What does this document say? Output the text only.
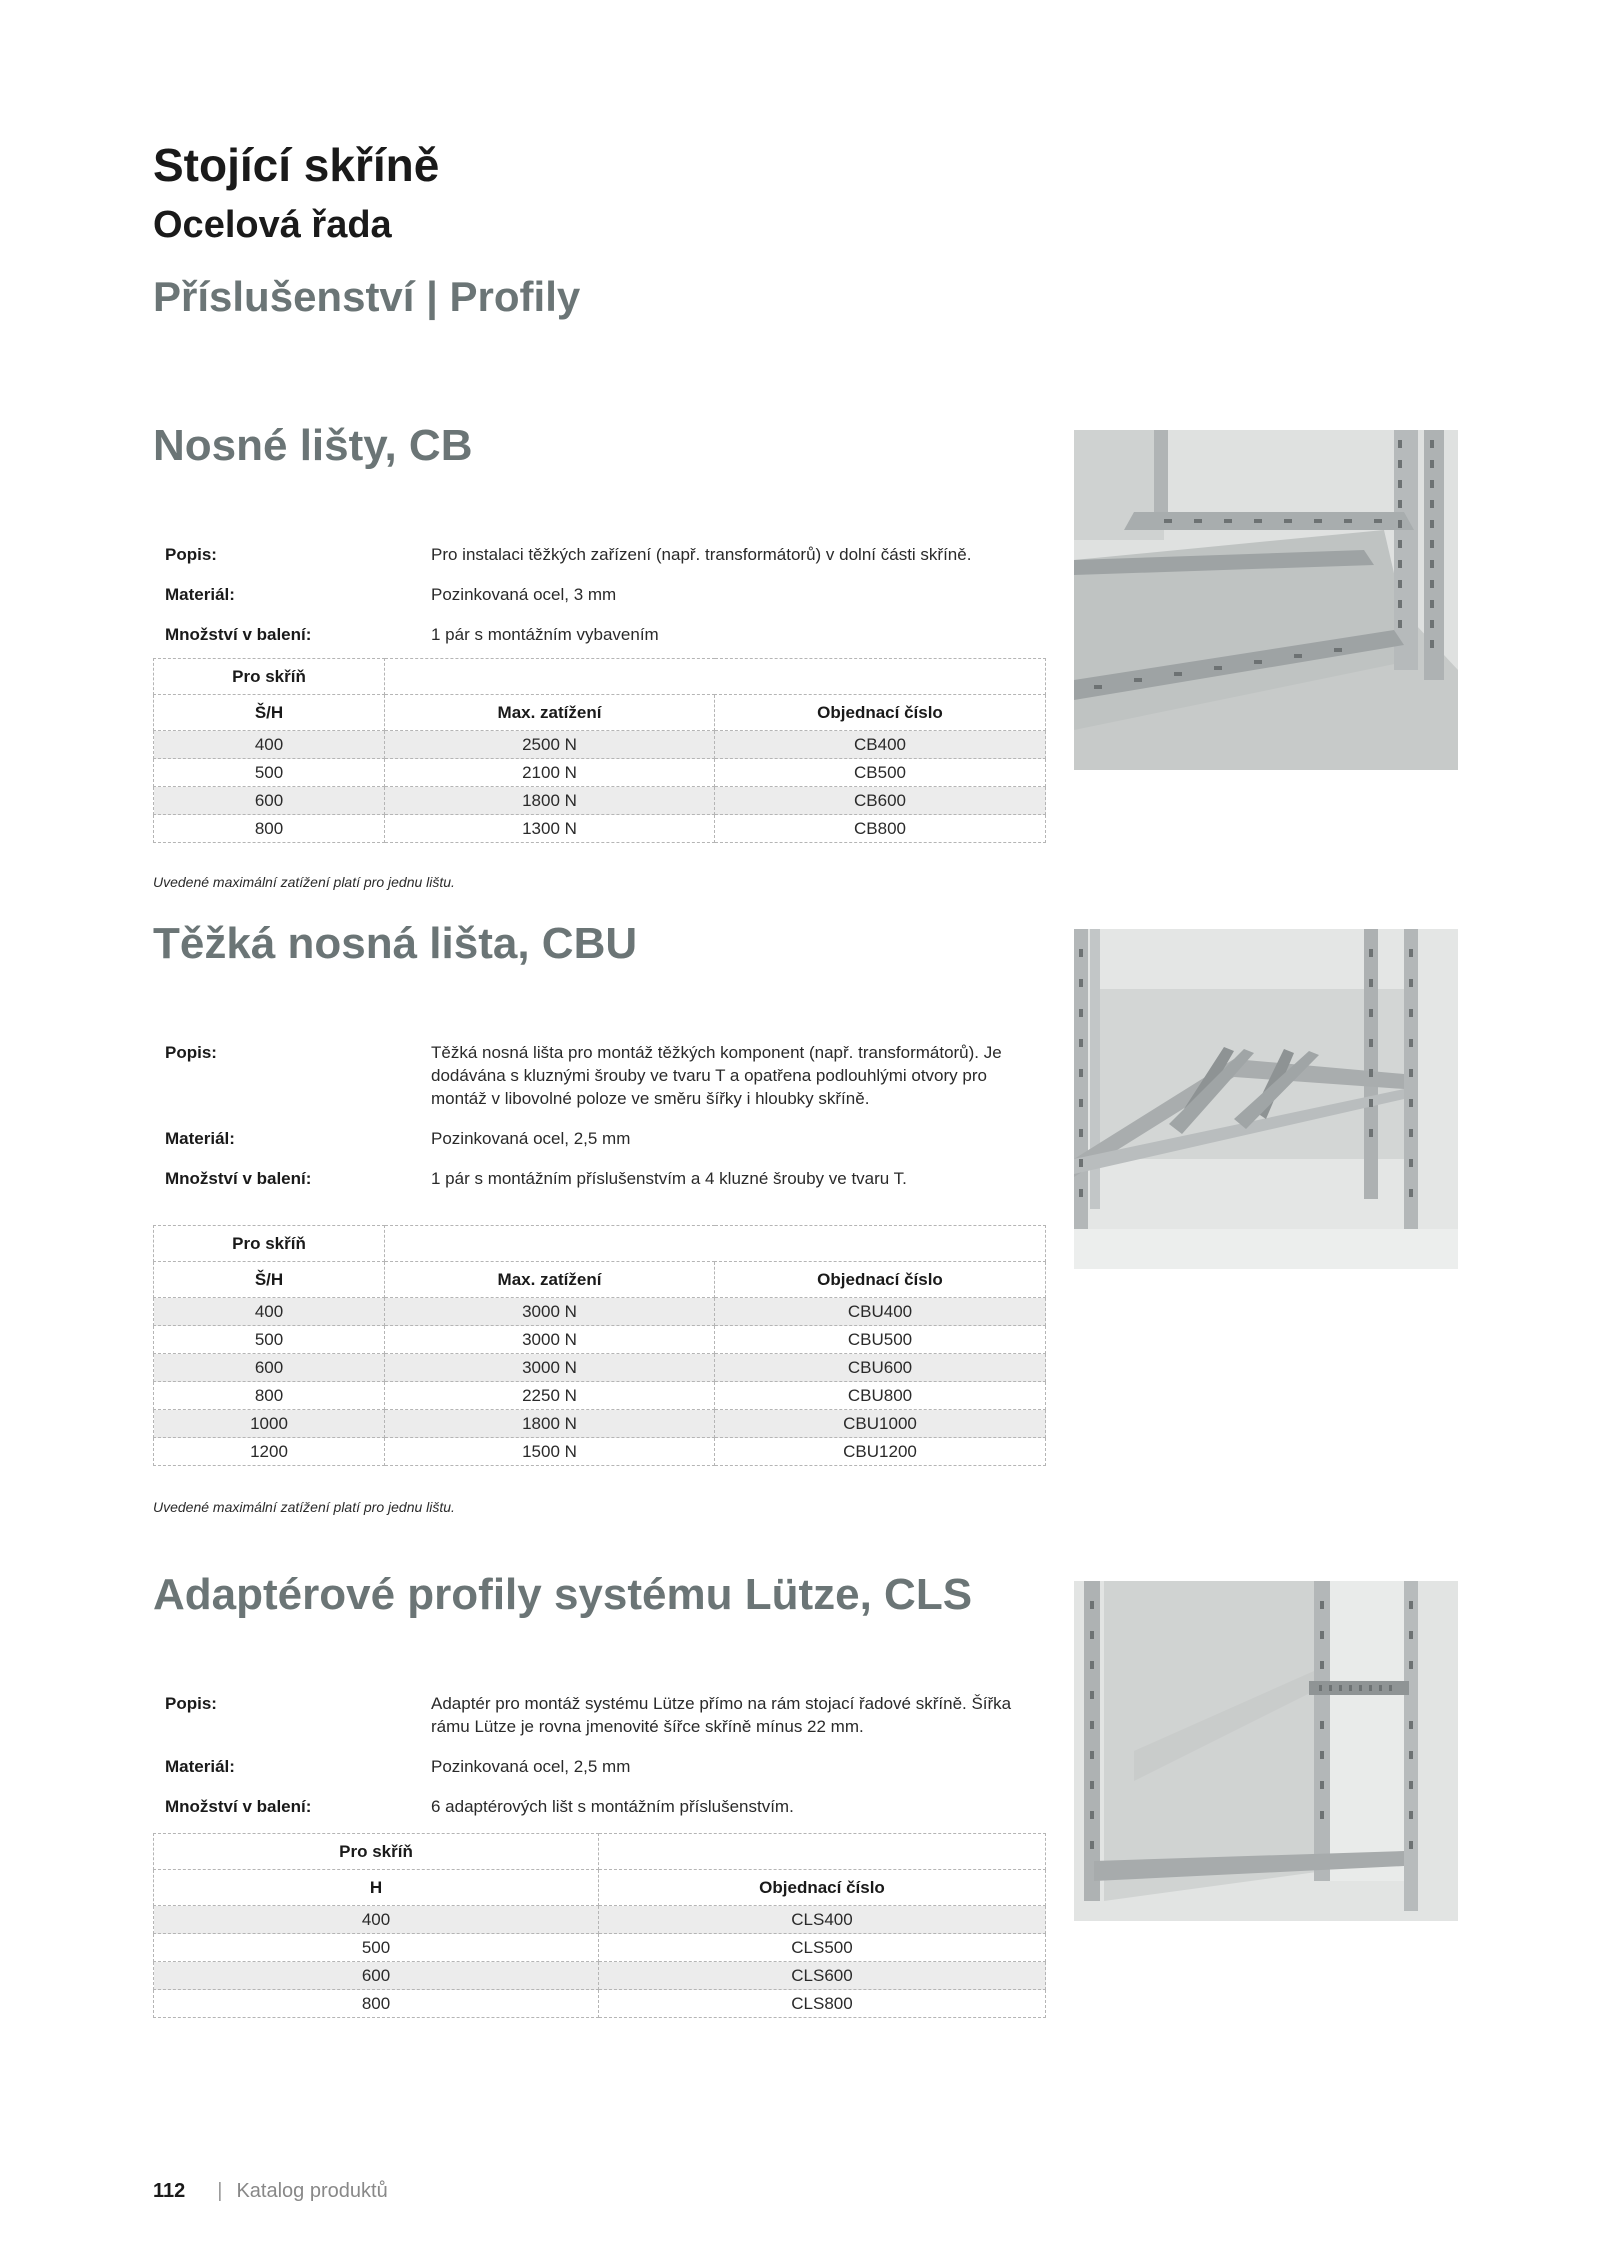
Stojící skříně
Ocelová řada
Příslušenství | Profily
Nosné lišty, CB
Popis:	Pro instalaci těžkých zařízení (např. transformátorů) v dolní části skříně.
Materiál:	Pozinkovaná ocel, 3 mm
Množství v balení:	1 pár s montážním vybavením
Pro skříň		
Š/H	Max. zatížení	Objednací číslo
400	2500 N	CB400
500	2100 N	CB500
600	1800 N	CB600
800	1300 N	CB800
Uvedené maximální zatížení platí pro jednu lištu.
Těžká nosná lišta, CBU
Popis:	Těžká nosná lišta pro montáž těžkých komponent (např. transformátorů). Je dodávána s kluznými šrouby ve tvaru T a opatřena podlouhlými otvory pro montáž v libovolné poloze ve směru šířky i hloubky skříně.
Materiál:	Pozinkovaná ocel, 2,5 mm
Množství v balení:	1 pár s montážním příslušenstvím a 4 kluzné šrouby ve tvaru T.
Pro skříň		
Š/H	Max. zatížení	Objednací číslo
400	3000 N	CBU400
500	3000 N	CBU500
600	3000 N	CBU600
800	2250 N	CBU800
1000	1800 N	CBU1000
1200	1500 N	CBU1200
Uvedené maximální zatížení platí pro jednu lištu.
Adaptérové profily systému Lütze, CLS
Popis:	Adaptér pro montáž systému Lütze přímo na rám stojací řadové skříně. Šířka rámu Lütze je rovna jmenovité šířce skříně mínus 22 mm.
Materiál:	Pozinkovaná ocel, 2,5 mm
Množství v balení:	6 adaptérových lišt s montážním příslušenstvím.
Pro skříň	
H	Objednací číslo
400	CLS400
500	CLS500
600	CLS600
800	CLS800
112 | Katalog produktů
